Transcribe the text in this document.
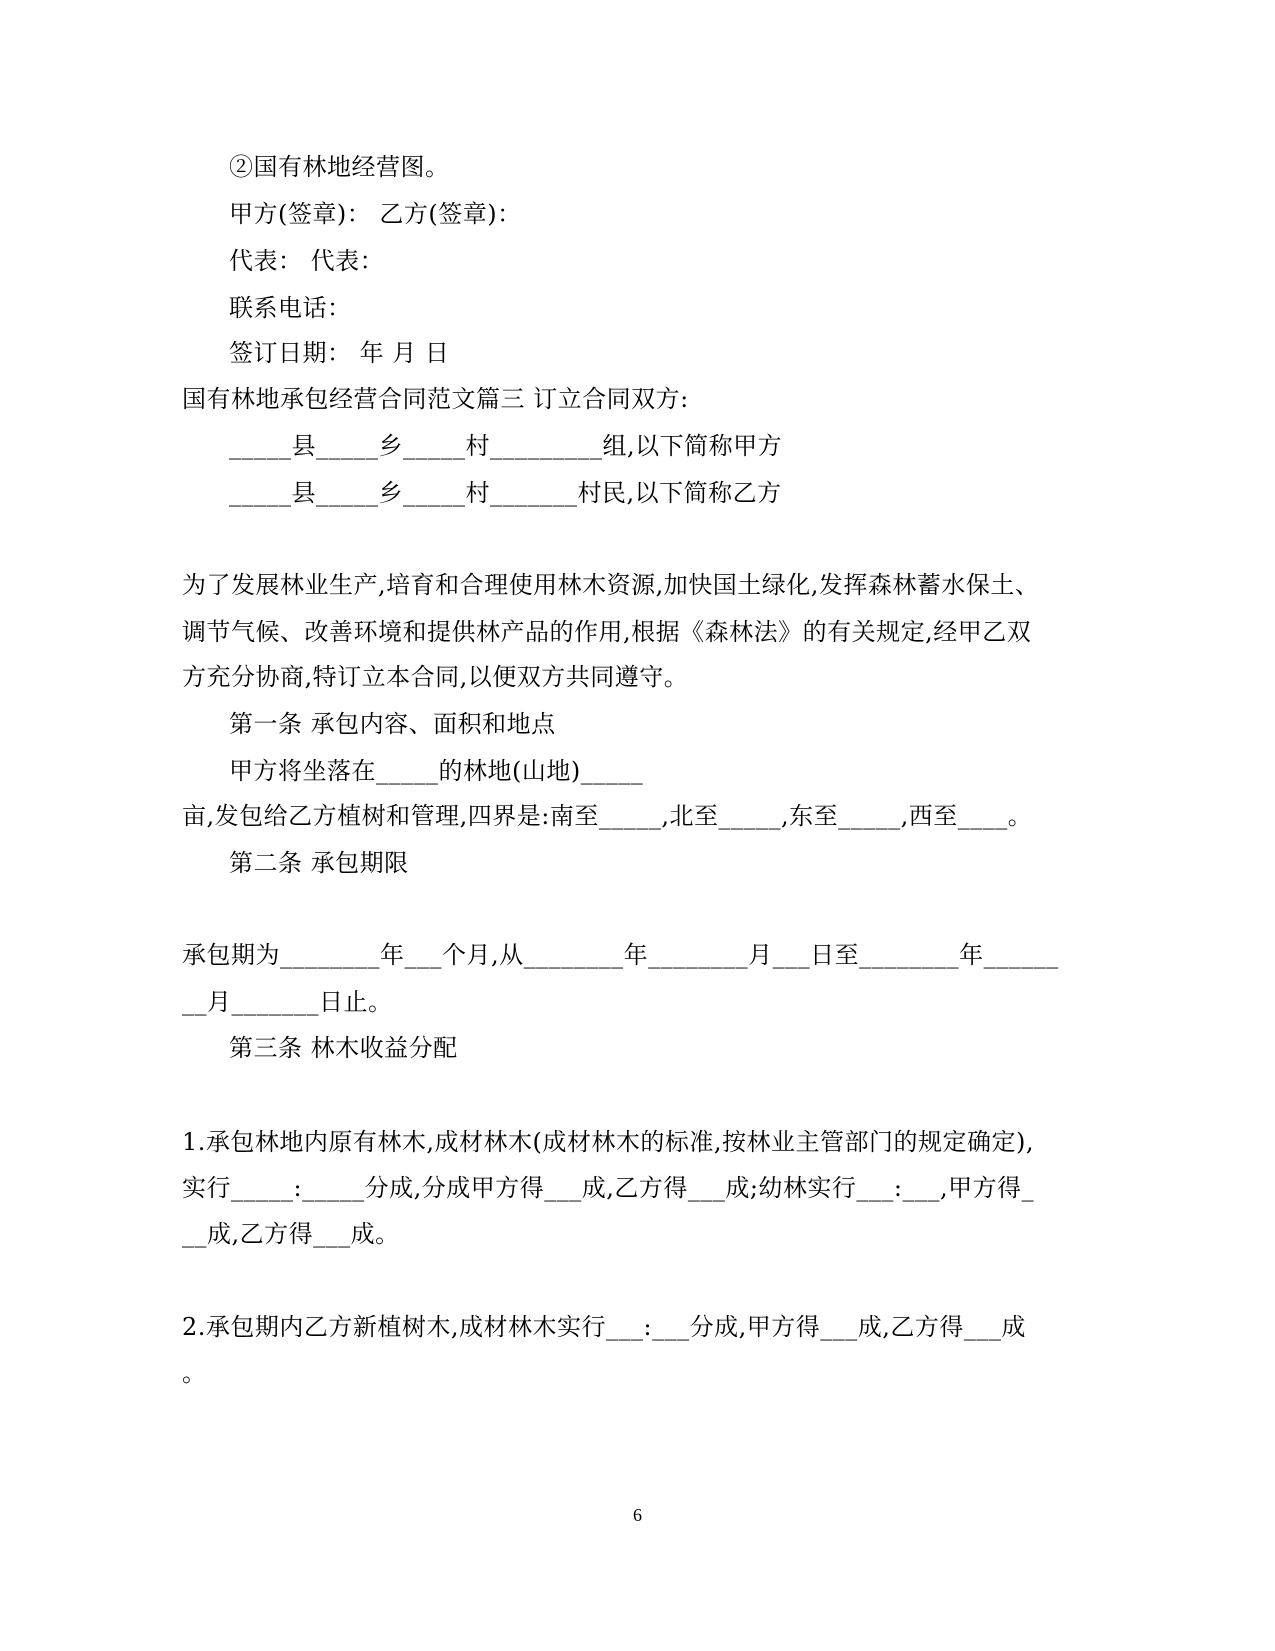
②国有林地经营图。
甲方(签章)： 乙方(签章)：
代表： 代表：
联系电话：
签订日期： 年 月 日
国有林地承包经营合同范文篇三 订立合同双方:
_____县_____乡_____村_________组,以下简称甲方
_____县_____乡_____村_______村民,以下简称乙方
为了发展林业生产,培育和合理使用林木资源,加快国土绿化,发挥森林蓄水保土、
调节气候、改善环境和提供林产品的作用,根据《森林法》的有关规定,经甲乙双
方充分协商,特订立本合同,以便双方共同遵守。
第一条 承包内容、面积和地点
甲方将坐落在_____的林地(山地)_____
亩,发包给乙方植树和管理,四界是:南至_____,北至_____,东至_____,西至____。
第二条 承包期限
承包期为________年___个月,从________年________月___日至________年______
__月_______日止。
第三条 林木收益分配
1.承包林地内原有林木,成材林木(成材林木的标准,按林业主管部门的规定确定),
实行_____:_____分成,分成甲方得___成,乙方得___成;幼林实行___:___,甲方得_
__成,乙方得___成。
2.承包期内乙方新植树木,成材林木实行___:___分成,甲方得___成,乙方得___成
。
6
